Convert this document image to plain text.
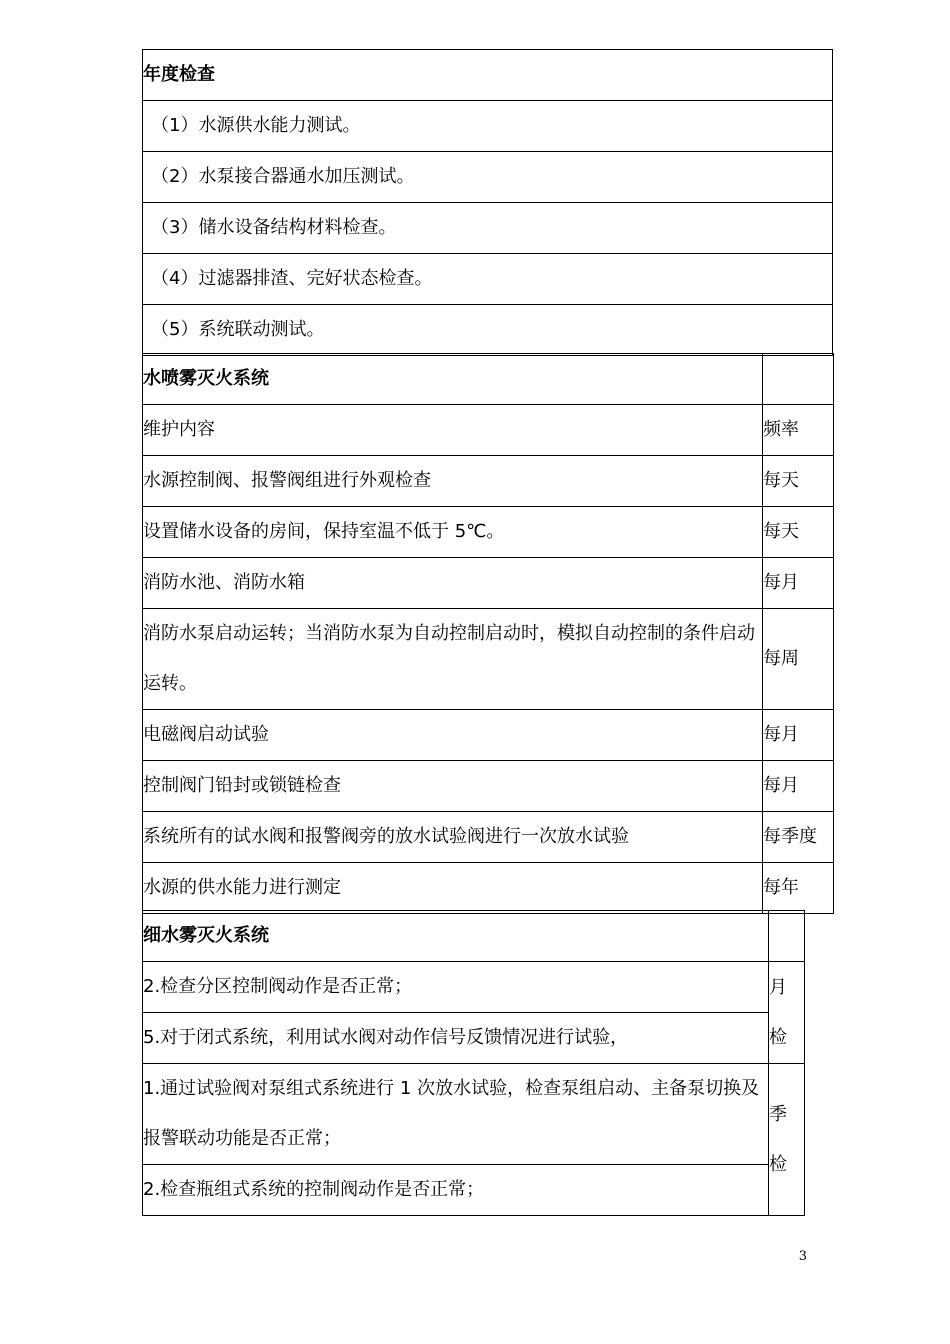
年度检查
（1）水源供水能力测试。
（2）水泵接合器通水加压测试。
（3）储水设备结构材料检查。
（4）过滤器排渣、完好状态检查。
（5）系统联动测试。
水喷雾灭火系统	
维护内容	频率
水源控制阀、报警阀组进行外观检查	每天
设置储水设备的房间，保持室温不低于 5℃。	每天
消防水池、消防水箱	每月
消防水泵启动运转；当消防水泵为自动控制启动时，模拟自动控制的条件启动运转。	每周
电磁阀启动试验	每月
控制阀门铅封或锁链检查	每月
系统所有的试水阀和报警阀旁的放水试验阀进行一次放水试验	每季度
水源的供水能力进行测定	每年
细水雾灭火系统	
2.检查分区控制阀动作是否正常；	月检
5.对于闭式系统，利用试水阀对动作信号反馈情况进行试验，	
1.通过试验阀对泵组式系统进行 1 次放水试验，检查泵组启动、主备泵切换及报警联动功能是否正常；	季检
2.检查瓶组式系统的控制阀动作是否正常；	
3
